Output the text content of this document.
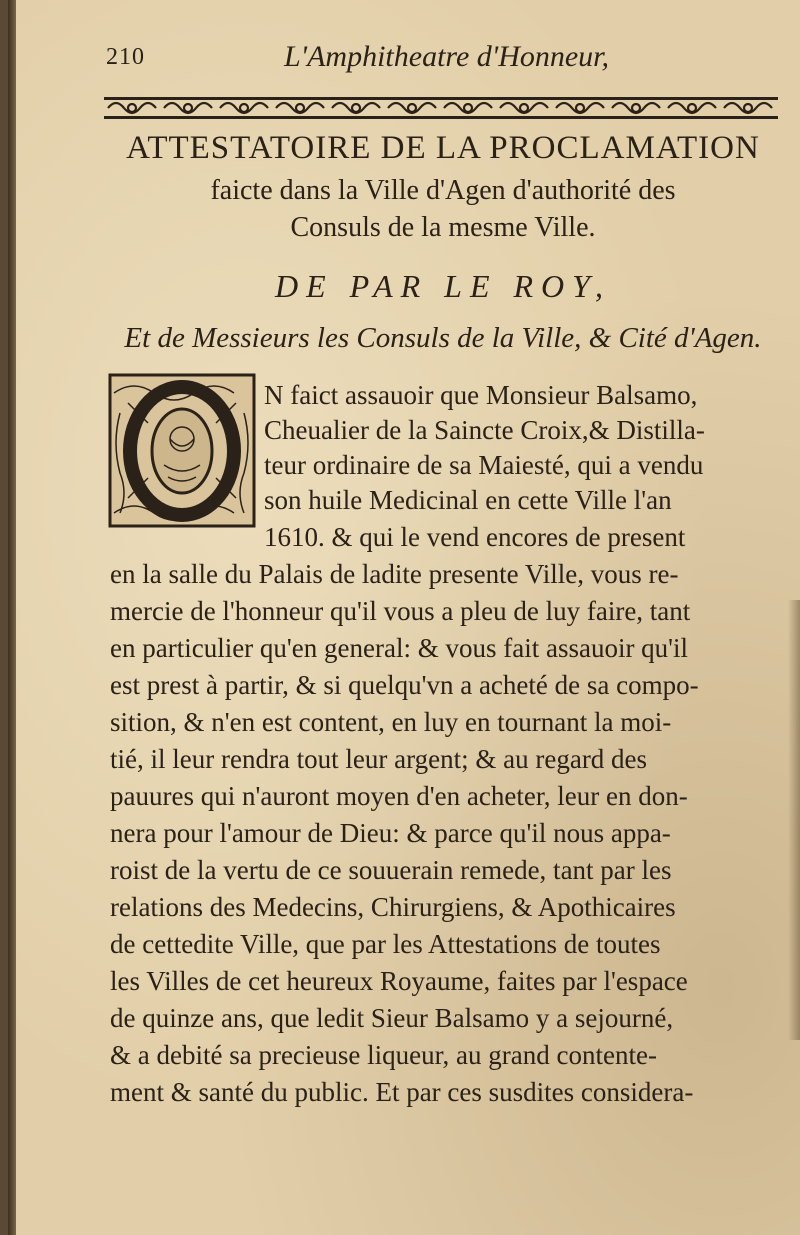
210	L'Amphitheatre d'Honneur,
ATTESTATOIRE DE LA PROCLAMATION
faicte dans la Ville d'Agen d'authorité des
Consuls de la mesme Ville.
DE PAR LE ROY,
Et de Messieurs les Consuls de la Ville, & Cité d'Agen.
N faict assauoir que Monsieur Balsamo,
Cheualier de la Saincte Croix,& Distilla-
teur ordinaire de sa Maiesté, qui a vendu
son huile Medicinal en cette Ville l'an
1610. & qui le vend encores de present
en la salle du Palais de ladite presente Ville, vous re-
mercie de l'honneur qu'il vous a pleu de luy faire, tant
en particulier qu'en general: & vous fait assauoir qu'il
est prest à partir, & si quelqu'vn a acheté de sa compo-
sition, & n'en est content, en luy en tournant la moi-
tié, il leur rendra tout leur argent; & au regard des
pauures qui n'auront moyen d'en acheter, leur en don-
nera pour l'amour de Dieu: & parce qu'il nous appa-
roist de la vertu de ce souuerain remede, tant par les
relations des Medecins, Chirurgiens, & Apothicaires
de cettedite Ville, que par les Attestations de toutes
les Villes de cet heureux Royaume, faites par l'espace
de quinze ans, que ledit Sieur Balsamo y a sejourné,
& a debité sa precieuse liqueur, au grand contente-
ment & santé du public. Et par ces susdites considera-
